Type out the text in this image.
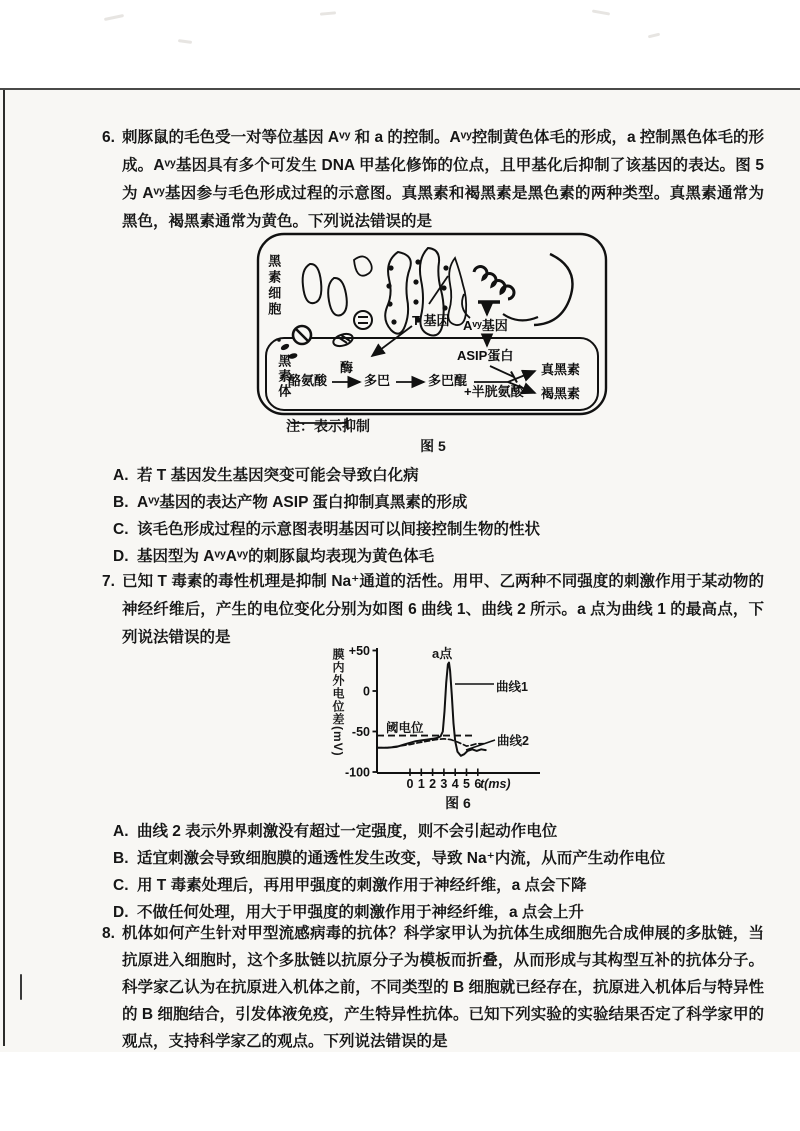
6. 刺豚鼠的毛色受一对等位基因 Aᵛʸ 和 a 的控制。Aᵛʸ控制黄色体毛的形成，a 控制黑色体毛的形成。Aᵛʸ基因具有多个可发生 DNA 甲基化修饰的位点，且甲基化后抑制了该基因的表达。图 5 为 Aᵛʸ基因参与毛色形成过程的示意图。真黑素和褐黑素是黑色素的两种类型。真黑素通常为黑色，褐黑素通常为黄色。下列说法错误的是

黑素细胞
黑素体
T 基因 Aᵛʸ基因
ASIP蛋白
酪氨酸
酶
多巴	多巴醌
+半胱氨酸
真黑素
褐黑素
注： 表示抑制
图 5
A. 若 T 基因发生基因突变可能会导致白化病
B. Aᵛʸ基因的表达产物 ASIP 蛋白抑制真黑素的形成
C. 该毛色形成过程的示意图表明基因可以间接控制生物的性状
D. 基因型为 AᵛʸAᵛʸ的刺豚鼠均表现为黄色体毛
7. 已知 T 毒素的毒性机理是抑制 Na⁺通道的活性。用甲、乙两种不同强度的刺激作用于某动物的神经纤维后，产生的电位变化分别为如图 6 曲线 1、曲线 2 所示。a 点为曲线 1 的最高点，下列说法错误的是

+50
0
-50
-100
0 1 2 3 4 5 6
膜内外电位差(mV)
t(ms)
a点
阈电位
曲线1
曲线2
图 6
A. 曲线 2 表示外界刺激没有超过一定强度，则不会引起动作电位
B. 适宜刺激会导致细胞膜的通透性发生改变，导致 Na⁺内流，从而产生动作电位
C. 用 T 毒素处理后，再用甲强度的刺激作用于神经纤维，a 点会下降
D. 不做任何处理，用大于甲强度的刺激作用于神经纤维，a 点会上升
8. 机体如何产生针对甲型流感病毒的抗体？科学家甲认为抗体生成细胞先合成伸展的多肽链，当抗原进入细胞时，这个多肽链以抗原分子为模板而折叠，从而形成与其构型互补的抗体分子。科学家乙认为在抗原进入机体之前，不同类型的 B 细胞就已经存在，抗原进入机体后与特异性的 B 细胞结合，引发体液免疫，产生特异性抗体。已知下列实验的实验结果否定了科学家甲的观点，支持科学家乙的观点。下列说法错误的是
